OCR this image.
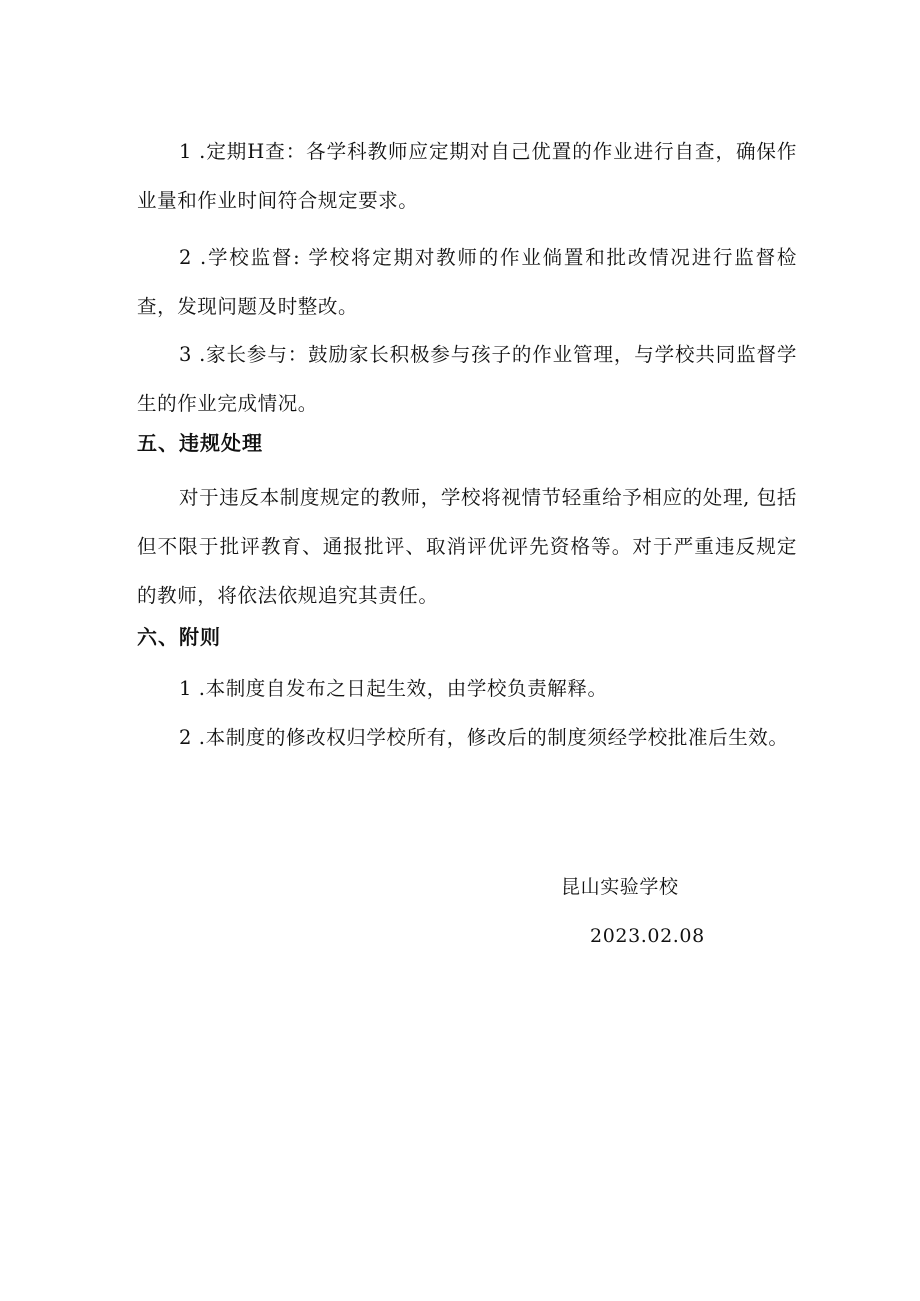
1 .定期H查：各学科教师应定期对自己优置的作业进行自查，确保作业量和作业时间符合规定要求。

2 .学校监督: 学校将定期对教师的作业倘置和批改情况进行监督检查，发现问题及时整改。

3 .家长参与：鼓励家长积极参与孩子的作业管理，与学校共同监督学生的作业完成情况。

五、违规处理

对于违反本制度规定的教师，学校将视情节轻重给予相应的处理, 包括但不限于批评教育、通报批评、取消评优评先资格等。对于严重违反规定的教师，将依法依规追究其责任。

六、附则

1 .本制度自发布之日起生效，由学校负责解释。

2 .本制度的修改权归学校所有，修改后的制度须经学校批准后生效。

昆山实验学校
2023.02.08
